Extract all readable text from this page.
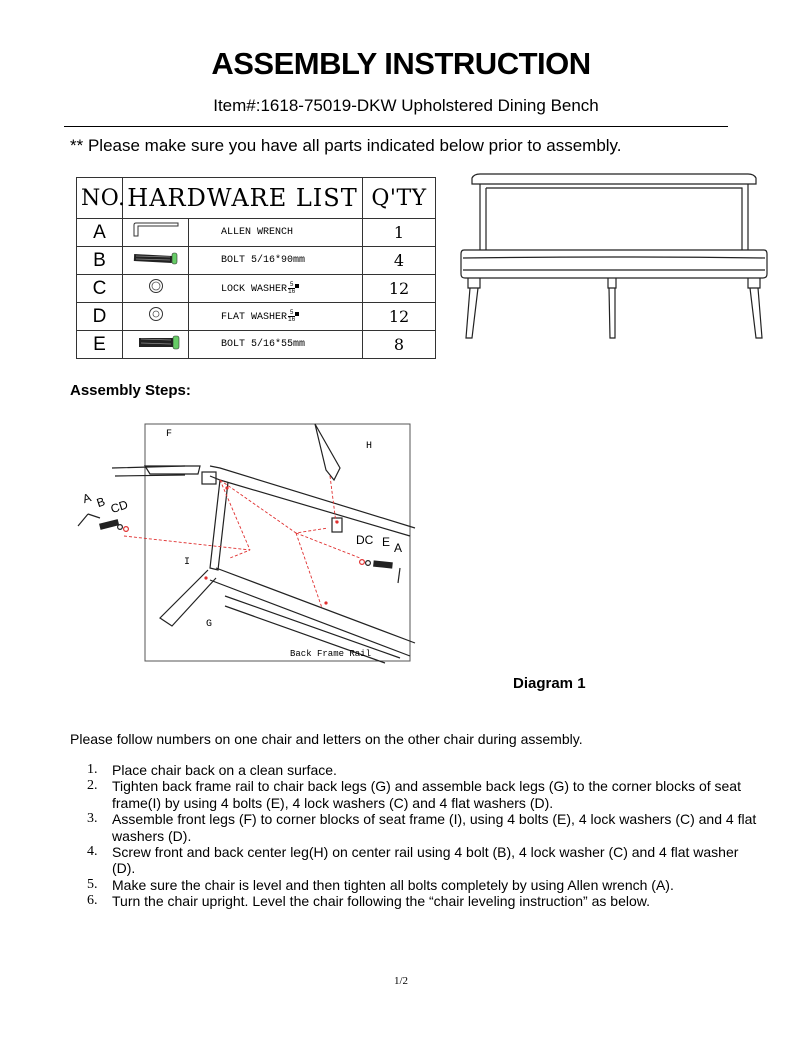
ASSEMBLY INSTRUCTION
Item#:1618-75019-DKW Upholstered Dining Bench
** Please make sure you have all parts indicated below prior to assembly.
NO.	HARDWARE LIST		Q'TY
A		ALLEN WRENCH	1
B		BOLT 5/16*90mm	4
C		LOCK WASHER $\frac{5}{16}$	12
D		FLAT WASHER $\frac{5}{16}$	12
E		BOLT 5/16*55mm	8
Assembly Steps:
F
H
I
G
Back Frame Rail
A B CD
DC E A
Diagram 1
Please follow numbers on one chair and letters on the other chair during assembly.
1.	Place chair back on a clean surface.
2.	Tighten back frame rail to chair back legs (G) and assemble back legs (G) to the corner blocks of seat frame(I) by using 4 bolts (E), 4 lock washers (C) and 4 flat washers (D).
3.	Assemble front legs (F) to corner blocks of seat frame (I), using 4 bolts (E), 4 lock washers (C) and 4 flat washers (D).
4.	Screw front and back center leg(H) on center rail using 4 bolt (B), 4 lock washer (C) and 4 flat washer (D).
5.	Make sure the chair is level and then tighten all bolts completely by using Allen wrench (A).
6.	Turn the chair upright. Level the chair following the “chair leveling instruction” as below.
1/2
